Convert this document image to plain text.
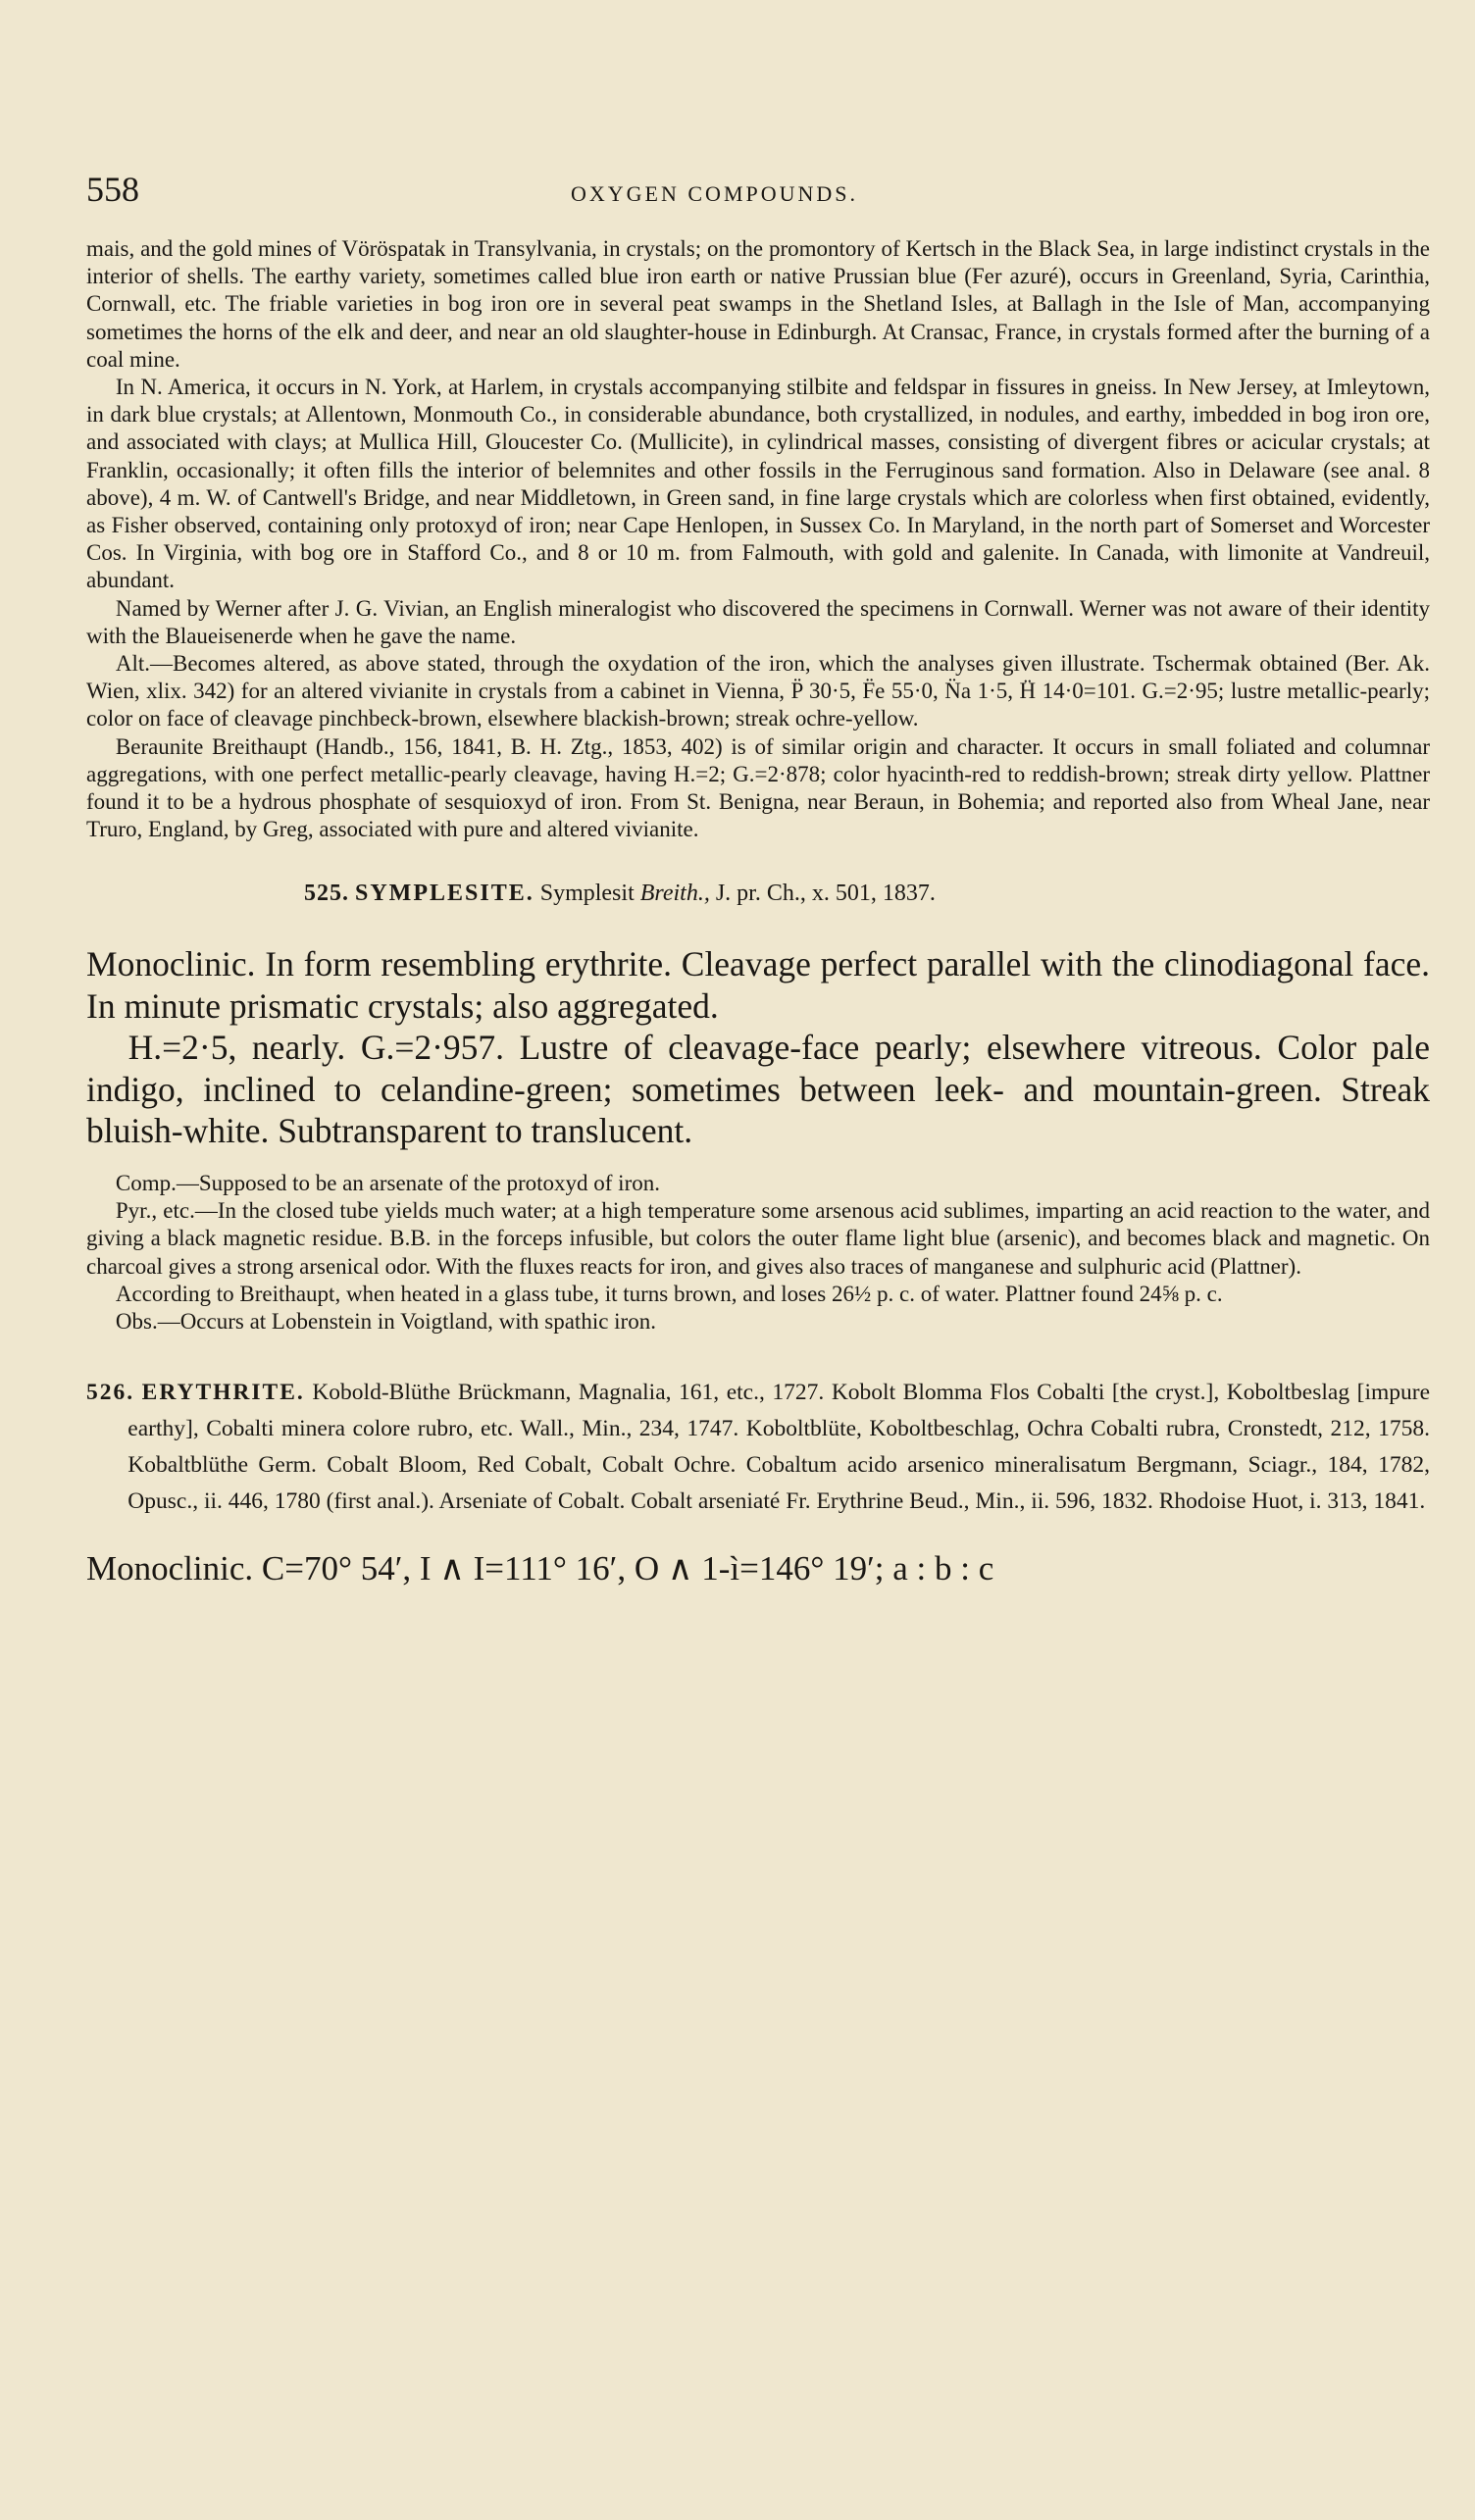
558	OXYGEN COMPOUNDS.

mais, and the gold mines of Vöröspatak in Transylvania, in crystals; on the promontory of Kertsch in the Black Sea, in large indistinct crystals in the interior of shells. The earthy variety, sometimes called blue iron earth or native Prussian blue (Fer azuré), occurs in Greenland, Syria, Carinthia, Cornwall, etc. The friable varieties in bog iron ore in several peat swamps in the Shetland Isles, at Ballagh in the Isle of Man, accompanying sometimes the horns of the elk and deer, and near an old slaughter-house in Edinburgh. At Cransac, France, in crystals formed after the burning of a coal mine.

In N. America, it occurs in N. York, at Harlem, in crystals accompanying stilbite and feldspar in fissures in gneiss. In New Jersey, at Imleytown, in dark blue crystals; at Allentown, Monmouth Co., in considerable abundance, both crystallized, in nodules, and earthy, imbedded in bog iron ore, and associated with clays; at Mullica Hill, Gloucester Co. (Mullicite), in cylindrical masses, consisting of divergent fibres or acicular crystals; at Franklin, occasionally; it often fills the interior of belemnites and other fossils in the Ferruginous sand formation. Also in Delaware (see anal. 8 above), 4 m. W. of Cantwell's Bridge, and near Middletown, in Green sand, in fine large crystals which are colorless when first obtained, evidently, as Fisher observed, containing only protoxyd of iron; near Cape Henlopen, in Sussex Co. In Maryland, in the north part of Somerset and Worcester Cos. In Virginia, with bog ore in Stafford Co., and 8 or 10 m. from Falmouth, with gold and galenite. In Canada, with limonite at Vandreuil, abundant.

Named by Werner after J. G. Vivian, an English mineralogist who discovered the specimens in Cornwall. Werner was not aware of their identity with the Blaueisenerde when he gave the name.

Alt.—Becomes altered, as above stated, through the oxydation of the iron, which the analyses given illustrate. Tschermak obtained (Ber. Ak. Wien, xlix. 342) for an altered vivianite in crystals from a cabinet in Vienna, P̈ 30·5, F̈e 55·0, N̈a 1·5, Ḧ 14·0=101. G.=2·95; lustre metallic-pearly; color on face of cleavage pinchbeck-brown, elsewhere blackish-brown; streak ochre-yellow.

Beraunite Breithaupt (Handb., 156, 1841, B. H. Ztg., 1853, 402) is of similar origin and character. It occurs in small foliated and columnar aggregations, with one perfect metallic-pearly cleavage, having H.=2; G.=2·878; color hyacinth-red to reddish-brown; streak dirty yellow. Plattner found it to be a hydrous phosphate of sesquioxyd of iron. From St. Benigna, near Beraun, in Bohemia; and reported also from Wheal Jane, near Truro, England, by Greg, associated with pure and altered vivianite.

525. SYMPLESITE. Symplesit Breith., J. pr. Ch., x. 501, 1837.

Monoclinic. In form resembling erythrite. Cleavage perfect parallel with the clinodiagonal face. In minute prismatic crystals; also aggregated.

H.=2·5, nearly. G.=2·957. Lustre of cleavage-face pearly; elsewhere vitreous. Color pale indigo, inclined to celandine-green; sometimes between leek- and mountain-green. Streak bluish-white. Subtransparent to translucent.

Comp.—Supposed to be an arsenate of the protoxyd of iron.

Pyr., etc.—In the closed tube yields much water; at a high temperature some arsenous acid sublimes, imparting an acid reaction to the water, and giving a black magnetic residue. B.B. in the forceps infusible, but colors the outer flame light blue (arsenic), and becomes black and magnetic. On charcoal gives a strong arsenical odor. With the fluxes reacts for iron, and gives also traces of manganese and sulphuric acid (Plattner).

According to Breithaupt, when heated in a glass tube, it turns brown, and loses 26½ p. c. of water. Plattner found 24⅝ p. c.

Obs.—Occurs at Lobenstein in Voigtland, with spathic iron.

526. ERYTHRITE. Kobold-Blüthe Brückmann, Magnalia, 161, etc., 1727. Kobolt Blomma Flos Cobalti [the cryst.], Koboltbeslag [impure earthy], Cobalti minera colore rubro, etc. Wall., Min., 234, 1747. Koboltblüte, Koboltbeschlag, Ochra Cobalti rubra, Cronstedt, 212, 1758. Kobaltblüthe Germ. Cobalt Bloom, Red Cobalt, Cobalt Ochre. Cobaltum acido arsenico mineralisatum Bergmann, Sciagr., 184, 1782, Opusc., ii. 446, 1780 (first anal.). Arseniate of Cobalt. Cobalt arseniaté Fr. Erythrine Beud., Min., ii. 596, 1832. Rhodoise Huot, i. 313, 1841.

Monoclinic. C=70° 54′, I ∧ I=111° 16′, O ∧ 1-ì=146° 19′; a : b : c
